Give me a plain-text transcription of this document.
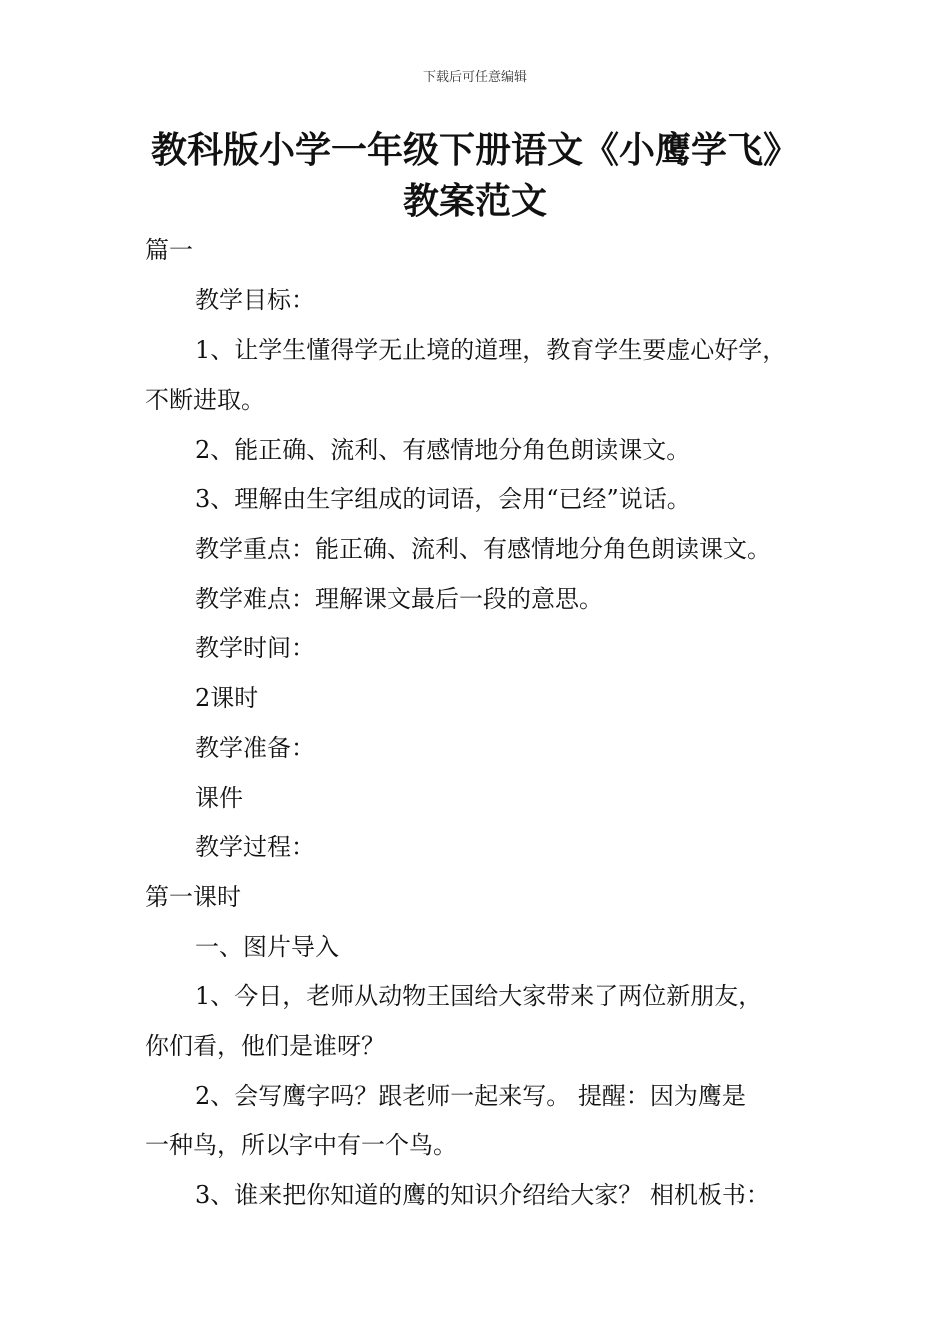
下载后可任意编辑
教科版小学一年级下册语文《小鹰学飞》
教案范文
篇一
教学目标：
1、让学生懂得学无止境的道理，教育学生要虚心好学，
不断进取。
2、能正确、流利、有感情地分角色朗读课文。
3、理解由生字组成的词语，会用“已经”说话。
教学重点：能正确、流利、有感情地分角色朗读课文。
教学难点：理解课文最后一段的意思。
教学时间：
2课时
教学准备：
课件
教学过程：
第一课时
一、图片导入
1、今日，老师从动物王国给大家带来了两位新朋友，
你们看，他们是谁呀？
2、会写鹰字吗？跟老师一起来写。 提醒：因为鹰是
一种鸟，所以字中有一个鸟。
3、谁来把你知道的鹰的知识介绍给大家？ 相机板书：
